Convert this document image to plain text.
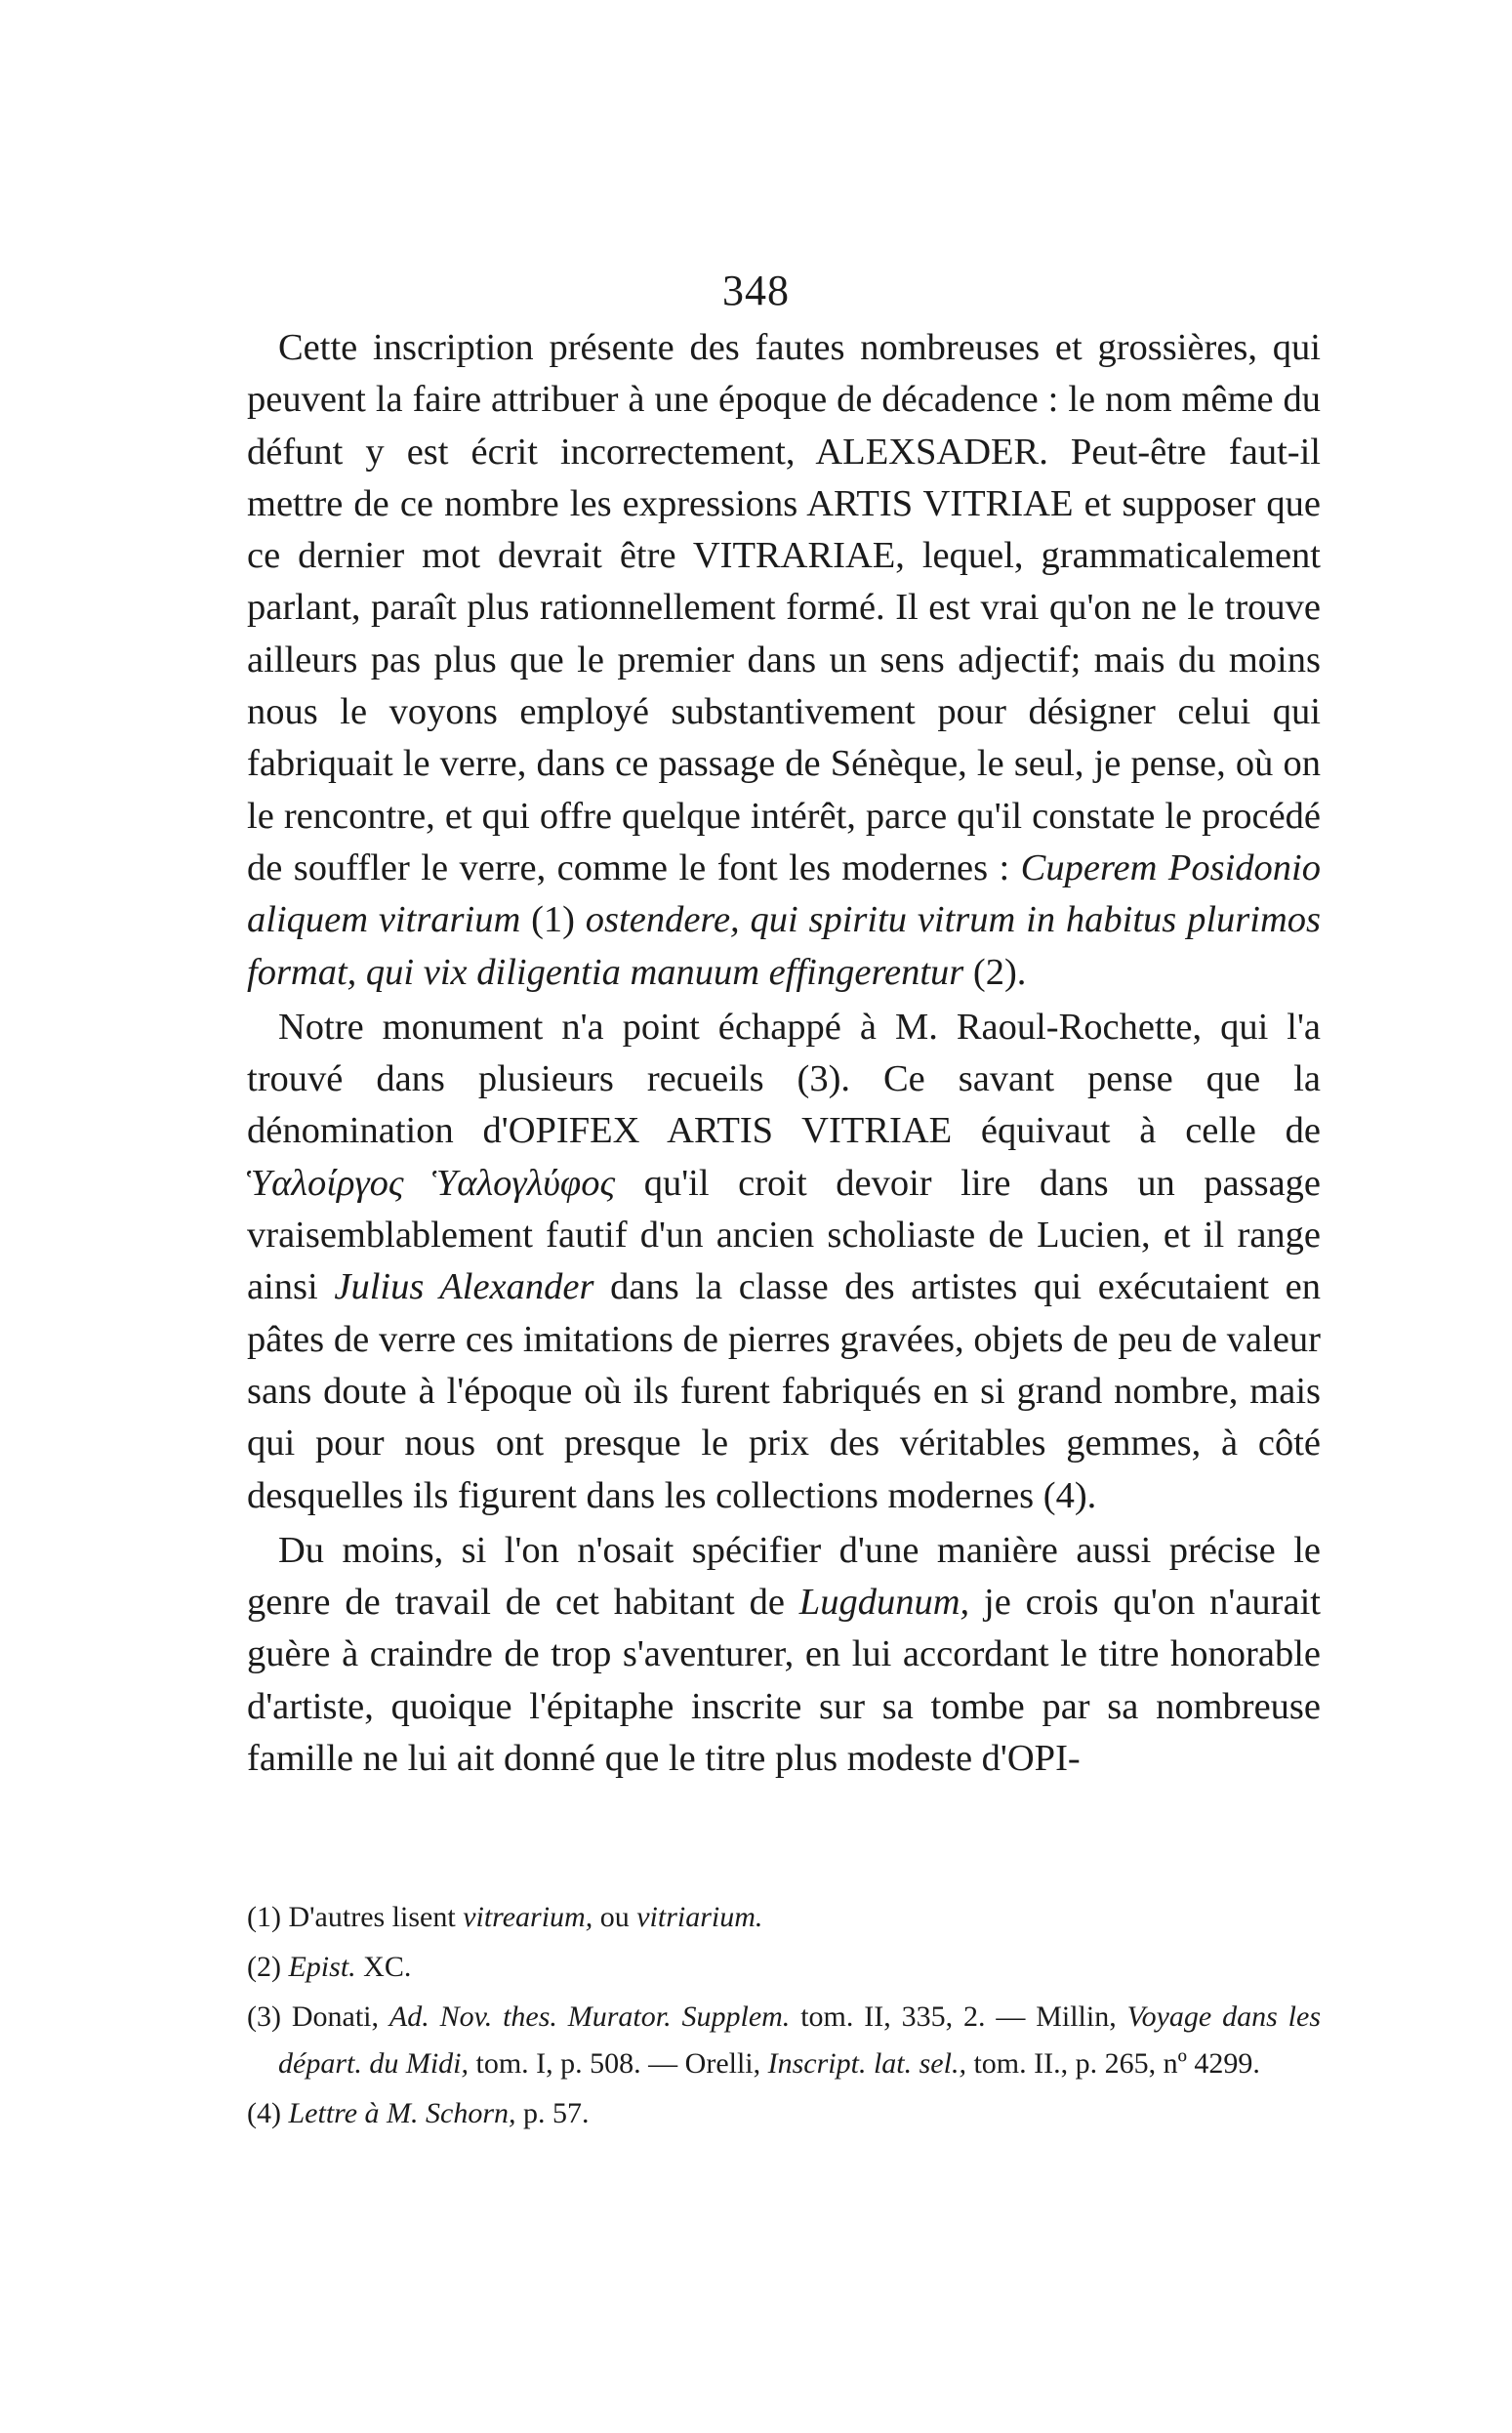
348

Cette inscription présente des fautes nombreuses et grossières, qui peuvent la faire attribuer à une époque de décadence : le nom même du défunt y est écrit incorrectement, ALEXSADER. Peut-être faut-il mettre de ce nombre les expressions ARTIS VITRIAE et supposer que ce dernier mot devrait être VITRARIAE, lequel, grammaticalement parlant, paraît plus rationnellement formé. Il est vrai qu'on ne le trouve ailleurs pas plus que le premier dans un sens adjectif; mais du moins nous le voyons employé substantivement pour désigner celui qui fabriquait le verre, dans ce passage de Sénèque, le seul, je pense, où on le rencontre, et qui offre quelque intérêt, parce qu'il constate le procédé de souffler le verre, comme le font les modernes : Cuperem Posidonio aliquem vitrarium (1) ostendere, qui spiritu vitrum in habitus plurimos format, qui vix diligentia manuum effingerentur (2).

Notre monument n'a point échappé à M. Raoul-Rochette, qui l'a trouvé dans plusieurs recueils (3). Ce savant pense que la dénomination d'OPIFEX ARTIS VITRIAE équivaut à celle de Ὑαλοίργος Ὑαλογλύφος qu'il croit devoir lire dans un passage vraisemblablement fautif d'un ancien scholiaste de Lucien, et il range ainsi Julius Alexander dans la classe des artistes qui exécutaient en pâtes de verre ces imitations de pierres gravées, objets de peu de valeur sans doute à l'époque où ils furent fabriqués en si grand nombre, mais qui pour nous ont presque le prix des véritables gemmes, à côté desquelles ils figurent dans les collections modernes (4).

Du moins, si l'on n'osait spécifier d'une manière aussi précise le genre de travail de cet habitant de Lugdunum, je crois qu'on n'aurait guère à craindre de trop s'aventurer, en lui accordant le titre honorable d'artiste, quoique l'épitaphe inscrite sur sa tombe par sa nombreuse famille ne lui ait donné que le titre plus modeste d'OPI-

(1) D'autres lisent vitrearium, ou vitriarium.
(2) Epist. XC.
(3) Donati, Ad. Nov. thes. Murator. Supplem. tom. II, 335, 2. — Millin, Voyage dans les départ. du Midi, tom. I, p. 508. — Orelli, Inscript. lat. sel., tom. II., p. 265, nº 4299.
(4) Lettre à M. Schorn, p. 57.
